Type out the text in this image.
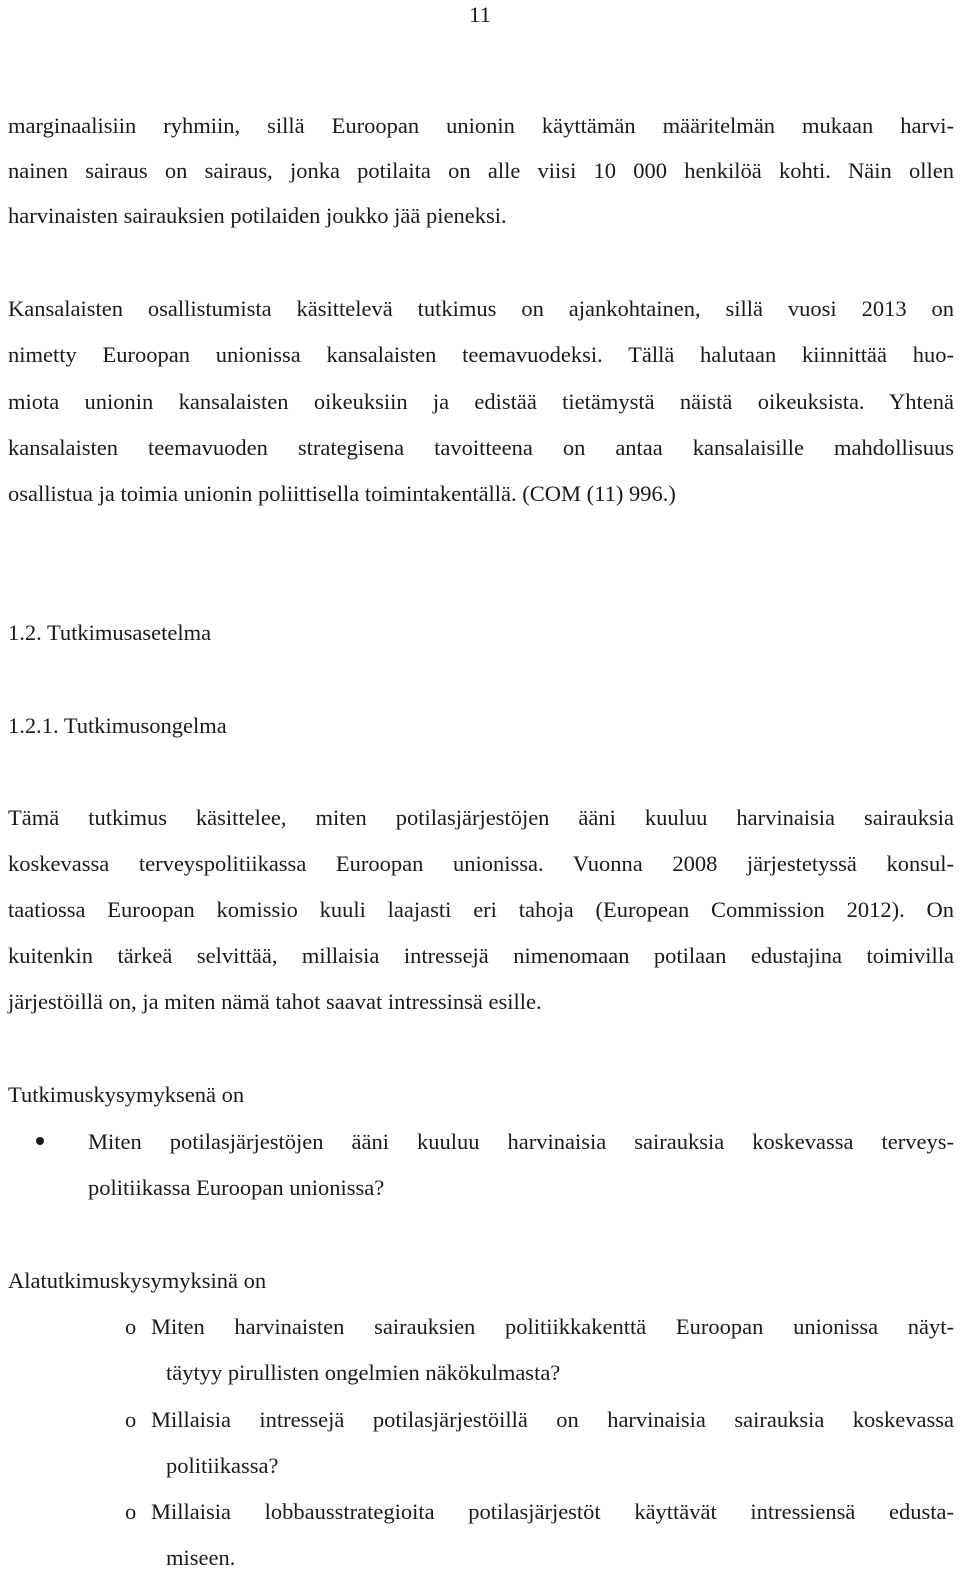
11
marginaalisiin ryhmiin, sillä Euroopan unionin käyttämän määritelmän mukaan harvi-
nainen sairaus on sairaus, jonka potilaita on alle viisi 10 000 henkilöä kohti. Näin ollen
harvinaisten sairauksien potilaiden joukko jää pieneksi.
Kansalaisten osallistumista käsittelevä tutkimus on ajankohtainen, sillä vuosi 2013 on
nimetty Euroopan unionissa kansalaisten teemavuodeksi. Tällä halutaan kiinnittää huo-
miota unionin kansalaisten oikeuksiin ja edistää tietämystä näistä oikeuksista. Yhtenä
kansalaisten teemavuoden strategisena tavoitteena on antaa kansalaisille mahdollisuus
osallistua ja toimia unionin poliittisella toimintakentällä. (COM (11) 996.)
1.2. Tutkimusasetelma
1.2.1. Tutkimusongelma
Tämä tutkimus käsittelee, miten potilasjärjestöjen ääni kuuluu harvinaisia sairauksia
koskevassa terveyspolitiikassa Euroopan unionissa. Vuonna 2008 järjestetyssä konsul-
taatiossa Euroopan komissio kuuli laajasti eri tahoja (European Commission 2012). On
kuitenkin tärkeä selvittää, millaisia intressejä nimenomaan potilaan edustajina toimivilla
järjestöillä on, ja miten nämä tahot saavat intressinsä esille.
Tutkimuskysymyksenä on
Miten potilasjärjestöjen ääni kuuluu harvinaisia sairauksia koskevassa terveys-
politiikassa Euroopan unionissa?
Alatutkimuskysymyksinä on
o Miten harvinaisten sairauksien politiikkakenttä Euroopan unionissa näyt-
täytyy pirullisten ongelmien näkökulmasta?
o Millaisia intressejä potilasjärjestöillä on harvinaisia sairauksia koskevassa
politiikassa?
o Millaisia lobbausstrategioita potilasjärjestöt käyttävät intressiensä edusta-
miseen.
